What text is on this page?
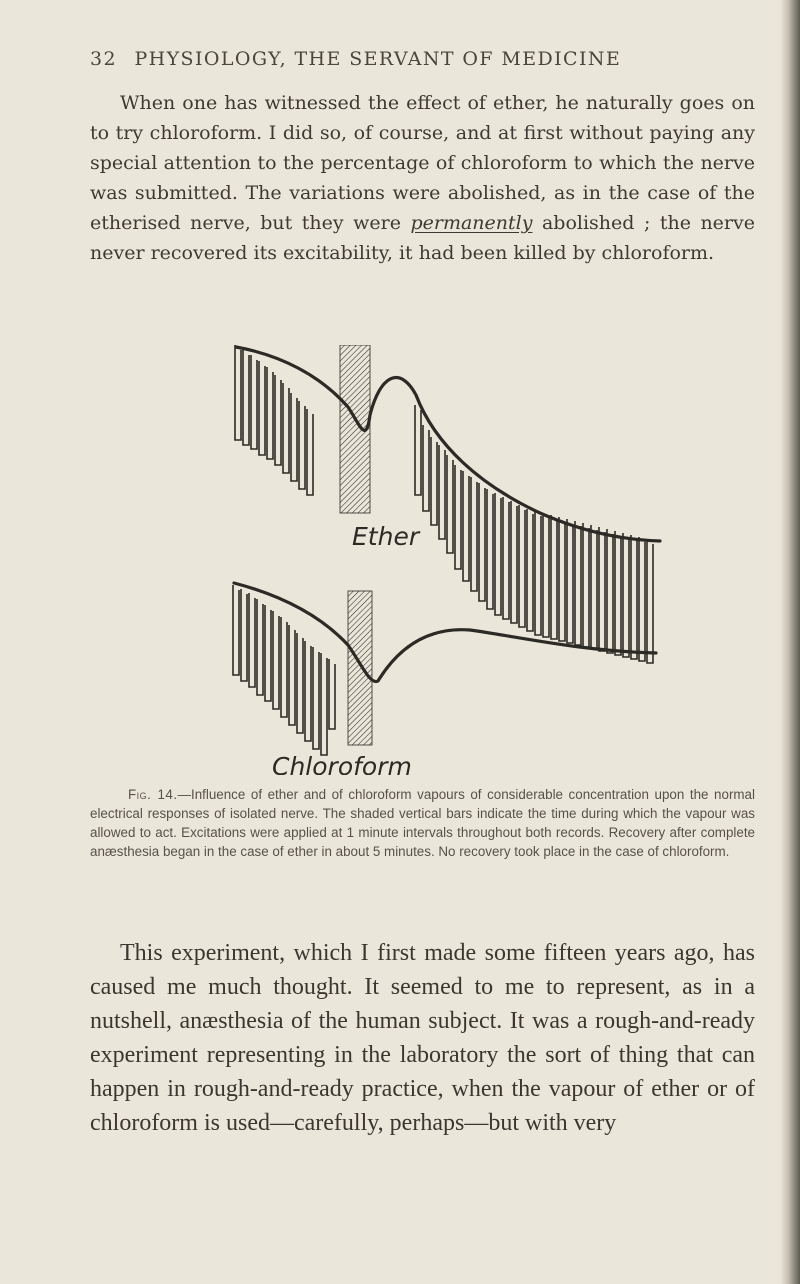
32 PHYSIOLOGY, THE SERVANT OF MEDICINE

When one has witnessed the effect of ether, he naturally goes on to try chloroform. I did so, of course, and at first without paying any special attention to the percentage of chloroform to which the nerve was submitted. The variations were abolished, as in the case of the etherised nerve, but they were permanently abolished ; the nerve never recovered its excitability, it had been killed by chloroform.

Ether
Chloroform

Fig. 14.—Influence of ether and of chloroform vapours of considerable concentration upon the normal electrical responses of isolated nerve. The shaded vertical bars indicate the time during which the vapour was allowed to act. Excitations were applied at 1 minute intervals throughout both records. Recovery after complete anæsthesia began in the case of ether in about 5 minutes. No recovery took place in the case of chloroform.

This experiment, which I first made some fifteen years ago, has caused me much thought. It seemed to me to represent, as in a nutshell, anæsthesia of the human subject. It was a rough-and-ready experiment representing in the laboratory the sort of thing that can happen in rough-and-ready practice, when the vapour of ether or of chloroform is used—carefully, perhaps—but with very
